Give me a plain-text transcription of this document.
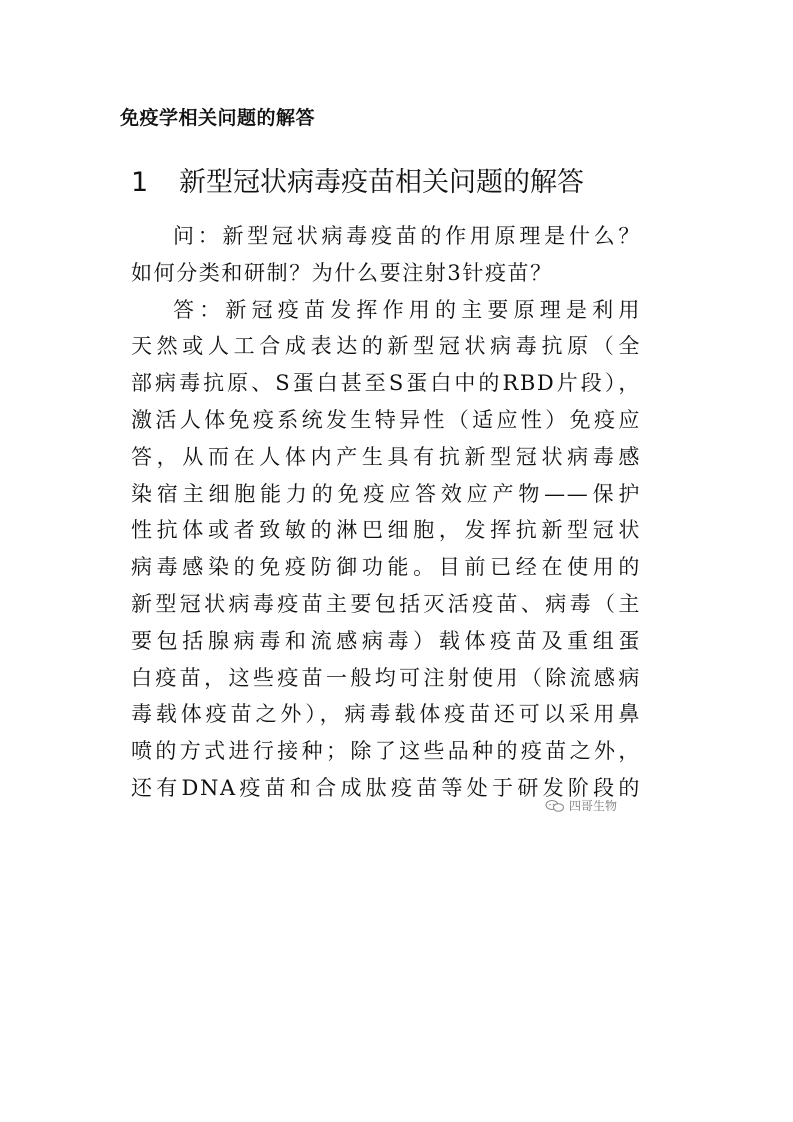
免疫学相关问题的解答
1 新型冠状病毒疫苗相关问题的解答
问：新型冠状病毒疫苗的作用原理是什么？
如何分类和研制？为什么要注射3针疫苗？
答：新冠疫苗发挥作用的主要原理是利用
天然或人工合成表达的新型冠状病毒抗原（全
部病毒抗原、S蛋白甚至S蛋白中的RBD片段），
激活人体免疫系统发生特异性（适应性）免疫应
答，从而在人体内产生具有抗新型冠状病毒感
染宿主细胞能力的免疫应答效应产物——保护
性抗体或者致敏的淋巴细胞，发挥抗新型冠状
病毒感染的免疫防御功能。目前已经在使用的
新型冠状病毒疫苗主要包括灭活疫苗、病毒（主
要包括腺病毒和流感病毒）载体疫苗及重组蛋
白疫苗，这些疫苗一般均可注射使用（除流感病
毒载体疫苗之外），病毒载体疫苗还可以采用鼻
喷的方式进行接种；除了这些品种的疫苗之外，
还有DNA疫苗和合成肽疫苗等处于研发阶段的
四哥生物
